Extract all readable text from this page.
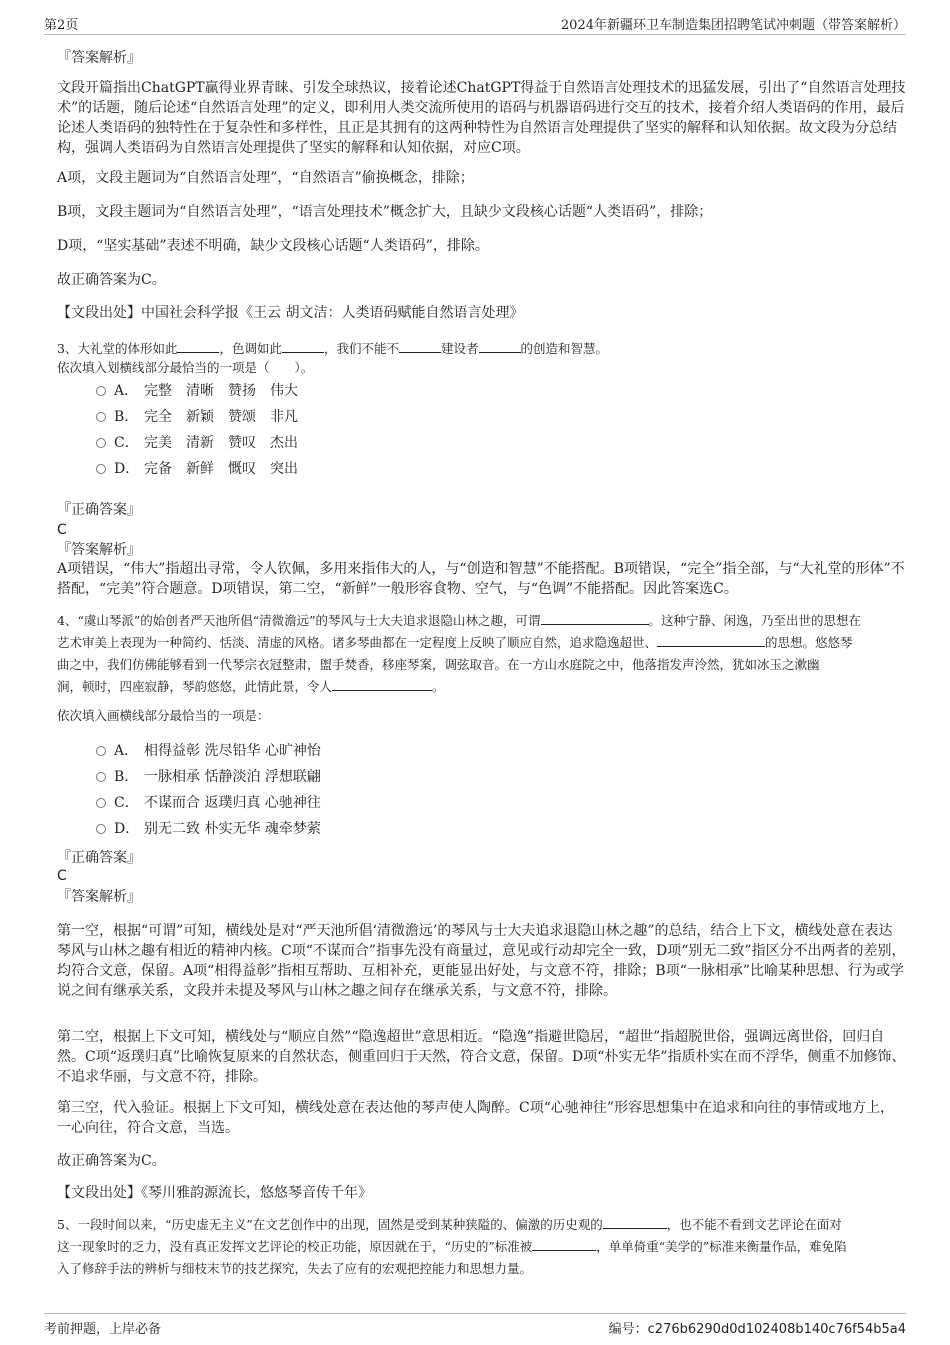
第2页	2024年新疆环卫车制造集团招聘笔试冲刺题（带答案解析）
『答案解析』
文段开篇指出ChatGPT赢得业界青睐、引发全球热议，接着论述ChatGPT得益于自然语言处理技术的迅猛发展，引出了“自然语言处理技术”的话题，随后论述“自然语言处理”的定义，即利用人类交流所使用的语码与机器语码进行交互的技术，接着介绍人类语码的作用，最后论述人类语码的独特性在于复杂性和多样性，且正是其拥有的这两种特性为自然语言处理提供了坚实的解释和认知依据。故文段为分总结构，强调人类语码为自然语言处理提供了坚实的解释和认知依据，对应C项。
A项，文段主题词为“自然语言处理”，“自然语言”偷换概念，排除；
B项，文段主题词为“自然语言处理”，“语言处理技术”概念扩大，且缺少文段核心话题“人类语码”，排除；
D项，“坚实基础”表述不明确，缺少文段核心话题“人类语码”，排除。
故正确答案为C。
【文段出处】中国社会科学报《王云 胡文洁：人类语码赋能自然语言处理》
3、大礼堂的体形如此	，色调如此	，我们不能不	建设者	的创造和智慧。
依次填入划横线部分最恰当的一项是（　　）。
A． 完整　清晰　赞扬　伟大
B． 完全　新颖　赞颂　非凡
C． 完美　清新　赞叹　杰出
D． 完备　新鲜　慨叹　突出
『正确答案』
C
『答案解析』
A项错误，“伟大”指超出寻常，令人钦佩，多用来指伟大的人，与“创造和智慧”不能搭配。B项错误，“完全”指全部，与“大礼堂的形体”不搭配，“完美”符合题意。D项错误，第二空，“新鲜”一般形容食物、空气，与“色调”不能搭配。因此答案选C。
4、“虞山琴派”的始创者严天池所倡“清微澹远”的琴风与士大夫追求退隐山林之趣，可谓	。这种宁静、闲逸，乃至出世的思想在
艺术审美上表现为一种简约、恬淡、清虚的风格。诸多琴曲都在一定程度上反映了顺应自然，追求隐逸超世、	的思想。悠悠琴
曲之中，我们仿佛能够看到一代琴宗衣冠整肃，盥手焚香，移座琴案，调弦取音。在一方山水庭院之中，他落指发声泠然，犹如冰玉之漱幽
涧，顿时，四座寂静，琴韵悠悠，此情此景，令人	。
依次填入画横线部分最恰当的一项是：
A． 相得益彰 洗尽铅华 心旷神怡
B． 一脉相承 恬静淡泊 浮想联翩
C． 不谋而合 返璞归真 心驰神往
D． 别无二致 朴实无华 魂牵梦萦
『正确答案』
C
『答案解析』
第一空，根据“可谓”可知，横线处是对“严天池所倡‘清微澹远’的琴风与士大夫追求退隐山林之趣”的总结，结合上下文，横线处意在表达琴风与山林之趣有相近的精神内核。C项“不谋而合”指事先没有商量过，意见或行动却完全一致，D项“别无二致”指区分不出两者的差别，均符合文意，保留。A项“相得益彰”指相互帮助、互相补充，更能显出好处，与文意不符，排除；B项“一脉相承”比喻某种思想、行为或学说之间有继承关系，文段并未提及琴风与山林之趣之间存在继承关系，与文意不符，排除。
第二空，根据上下文可知，横线处与“顺应自然”“隐逸超世”意思相近。“隐逸”指避世隐居，“超世”指超脱世俗，强调远离世俗，回归自然。C项“返璞归真”比喻恢复原来的自然状态，侧重回归于天然，符合文意，保留。D项“朴实无华”指质朴实在而不浮华，侧重不加修饰、不追求华丽，与文意不符，排除。
第三空，代入验证。根据上下文可知，横线处意在表达他的琴声使人陶醉。C项“心驰神往”形容思想集中在追求和向往的事情或地方上，一心向往，符合文意，当选。
故正确答案为C。
【文段出处】《琴川雅韵源流长，悠悠琴音传千年》
5、一段时间以来，“历史虚无主义”在文艺创作中的出现，固然是受到某种狭隘的、偏激的历史观的	，也不能不看到文艺评论在面对
这一现象时的乏力，没有真正发挥文艺评论的校正功能，原因就在于，“历史的”标准被	，单单倚重“美学的”标准来衡量作品，难免陷
入了修辞手法的辨析与细枝末节的技艺探究，失去了应有的宏观把控能力和思想力量。
考前押题，上岸必备	编号：c276b6290d0d102408b140c76f54b5a4
